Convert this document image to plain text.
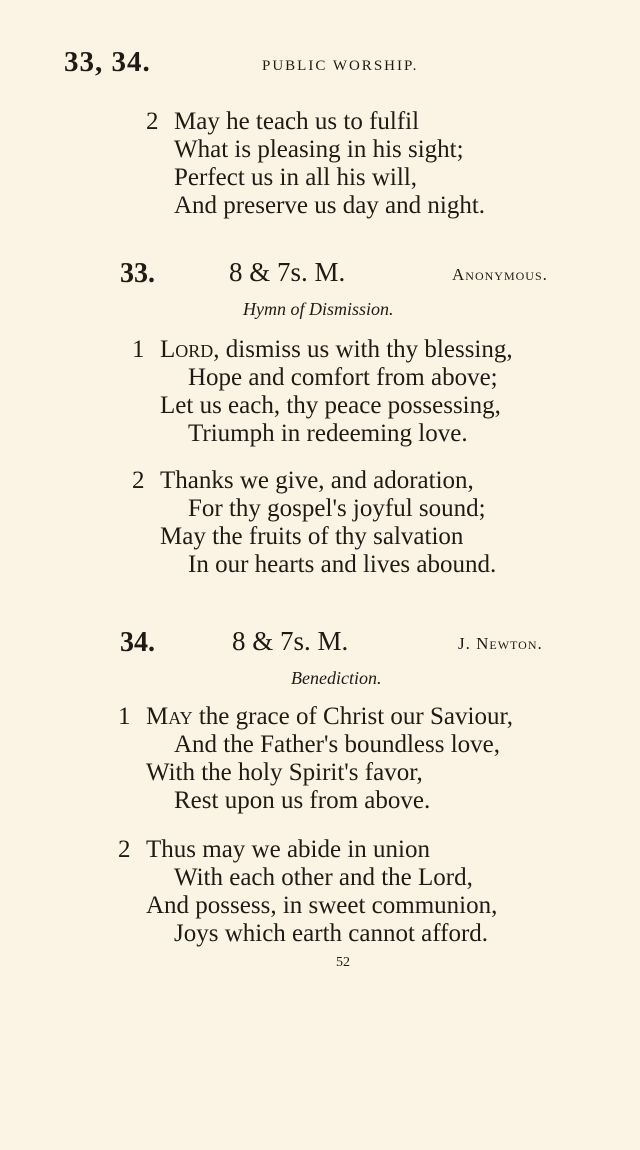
33, 34.	PUBLIC WORSHIP.
2 May he teach us to fulfil
What is pleasing in his sight;
Perfect us in all his will,
And preserve us day and night.
33.	8 & 7s. M.	Anonymous.
Hymn of Dismission.
1 Lord, dismiss us with thy blessing,
Hope and comfort from above;
Let us each, thy peace possessing,
Triumph in redeeming love.
2 Thanks we give, and adoration,
For thy gospel's joyful sound;
May the fruits of thy salvation
In our hearts and lives abound.
34.	8 & 7s. M.	J. Newton.
Benediction.
1 May the grace of Christ our Saviour,
And the Father's boundless love,
With the holy Spirit's favor,
Rest upon us from above.
2 Thus may we abide in union
With each other and the Lord,
And possess, in sweet communion,
Joys which earth cannot afford.
52
